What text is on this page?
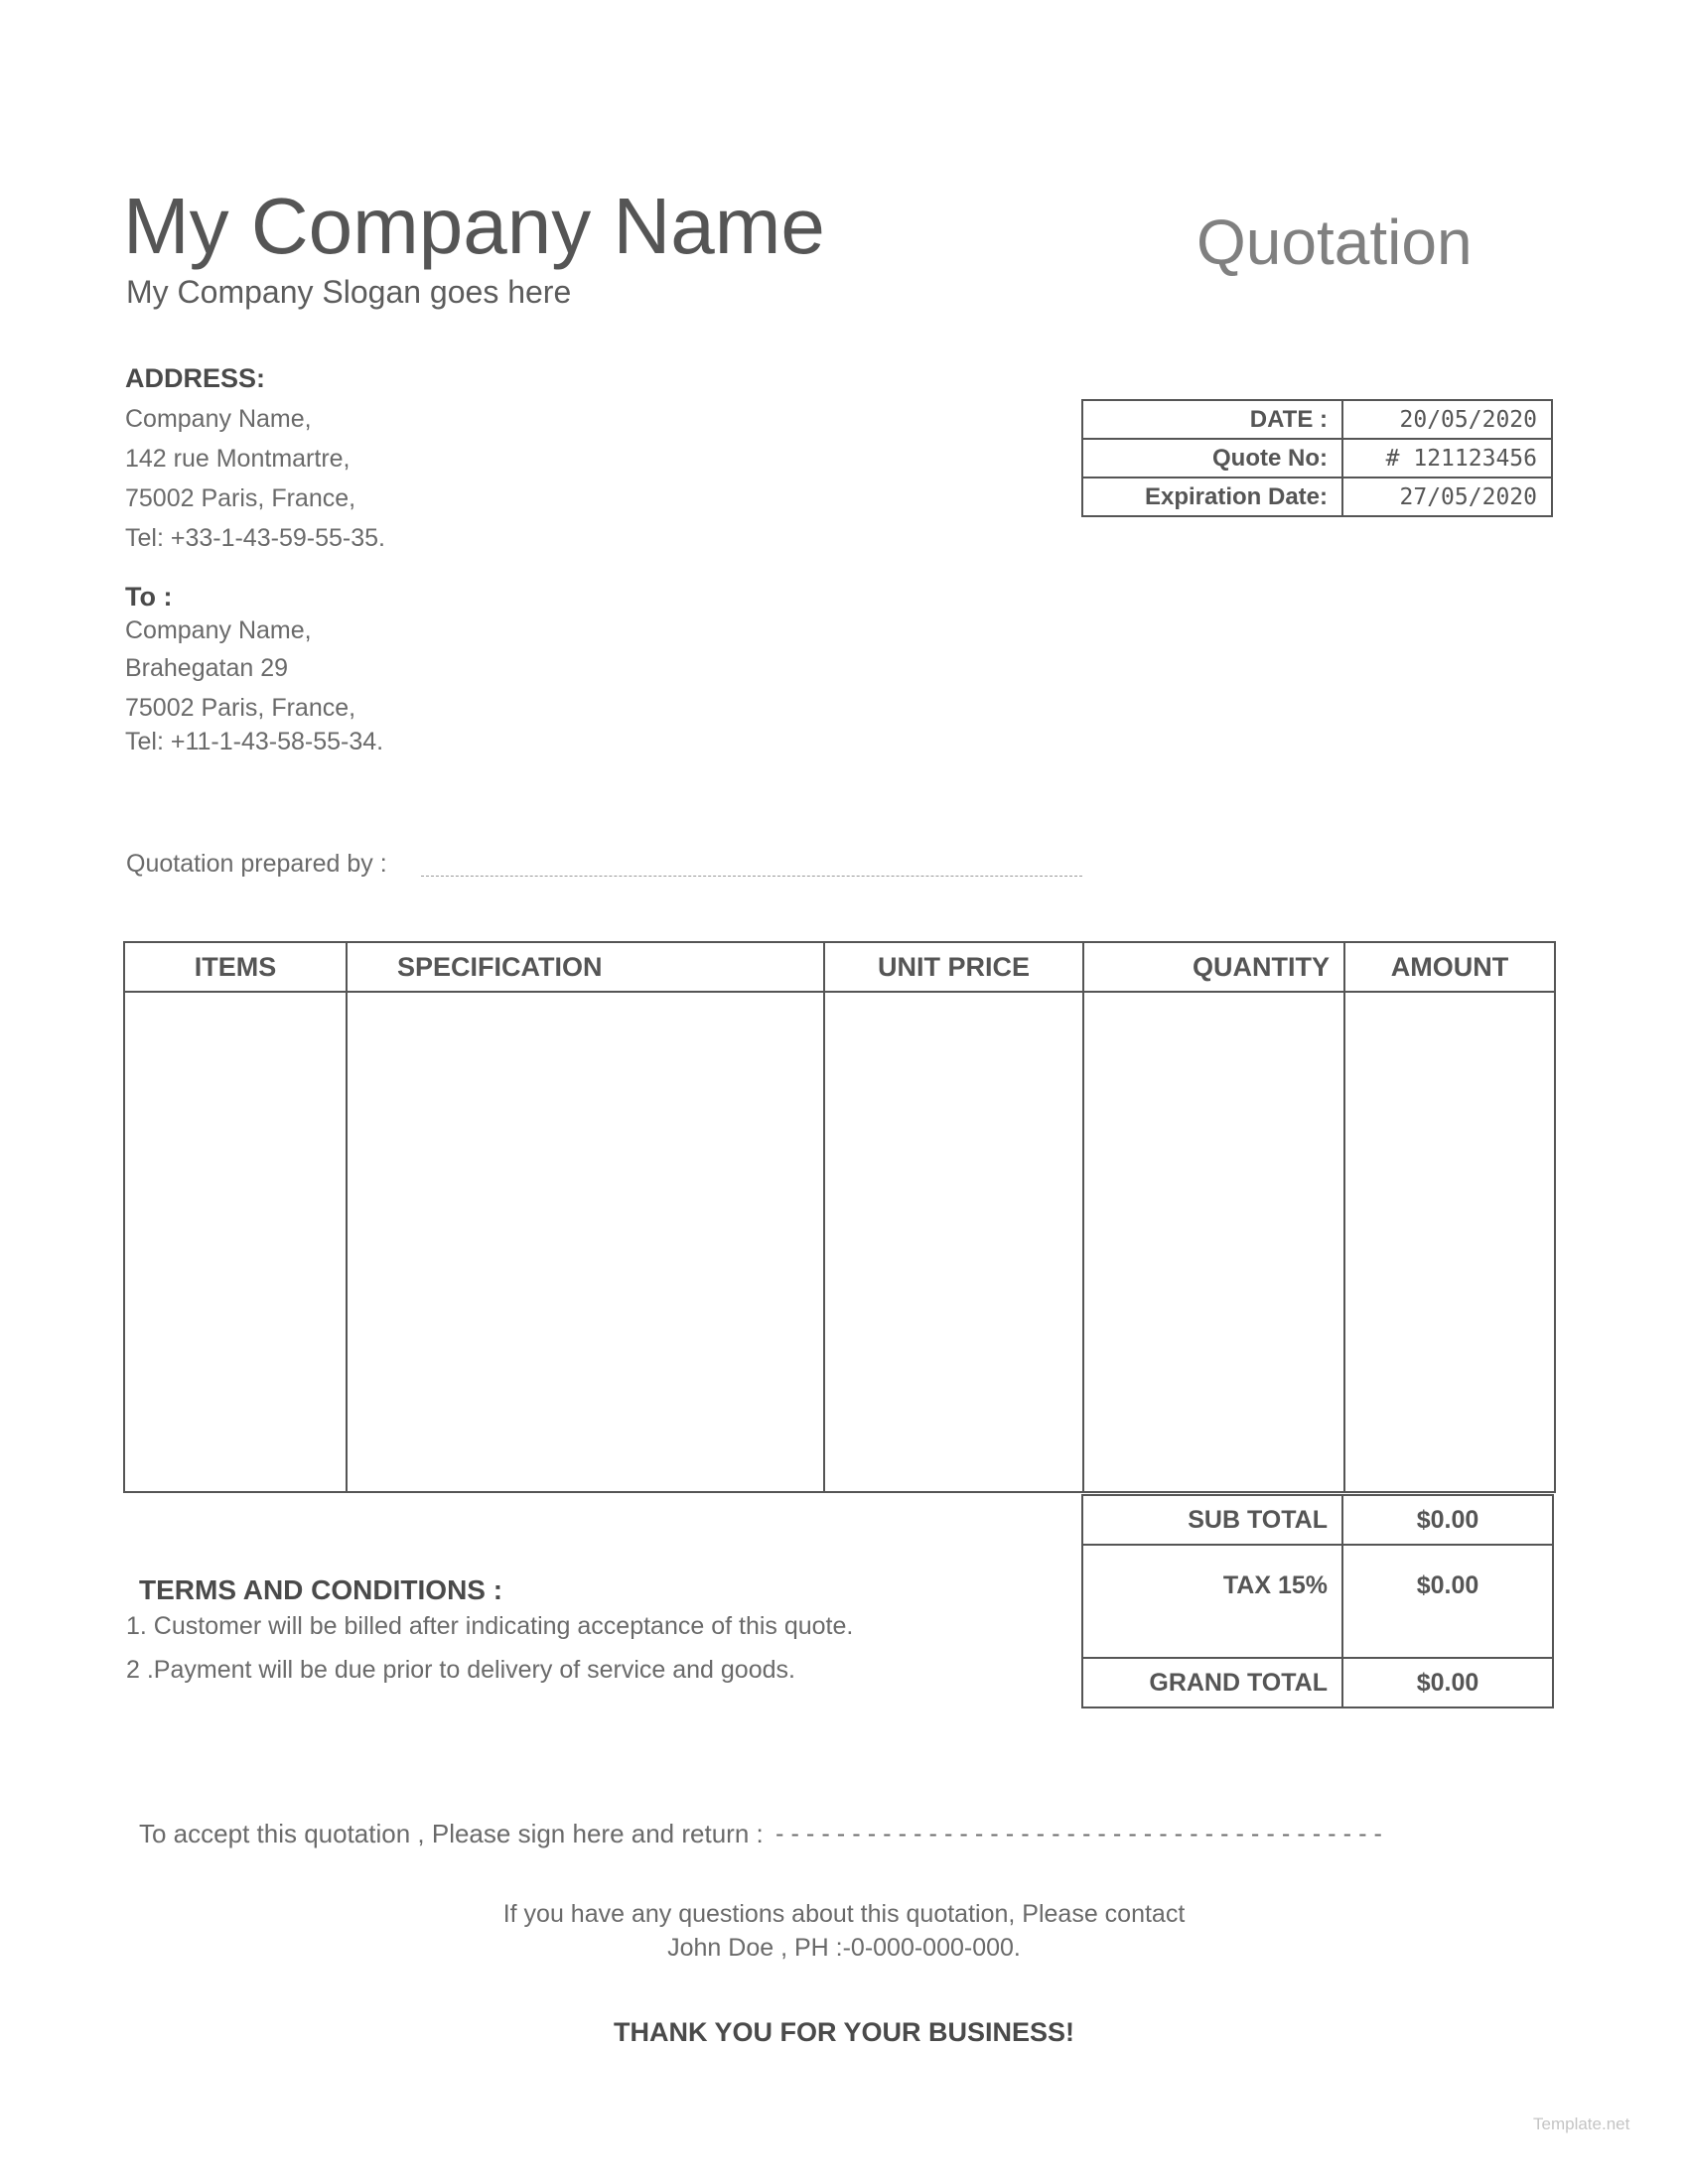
My Company Name
My Company Slogan goes here
Quotation
ADDRESS:
Company Name,
142 rue Montmartre,
75002 Paris, France,
Tel: +33-1-43-59-55-35.
To :
Company Name,
Brahegatan 29
75002 Paris, France,
Tel: +11-1-43-58-55-34.
DATE :	20/05/2020
Quote No:	# 121123456
Expiration Date:	27/05/2020
Quotation prepared by :
ITEMS	SPECIFICATION	UNIT PRICE	QUANTITY	AMOUNT

SUB TOTAL	$0.00
TAX 15%	$0.00
GRAND TOTAL	$0.00
TERMS AND CONDITIONS :
1. Customer will be billed after indicating acceptance of this quote.
2 .Payment will be due prior to delivery of service and goods.
To accept this quotation , Please sign here and return : ----------------------------------------
If you have any questions about this quotation, Please contact
John Doe , PH :-0-000-000-000.
THANK YOU FOR YOUR BUSINESS!
Template.net
